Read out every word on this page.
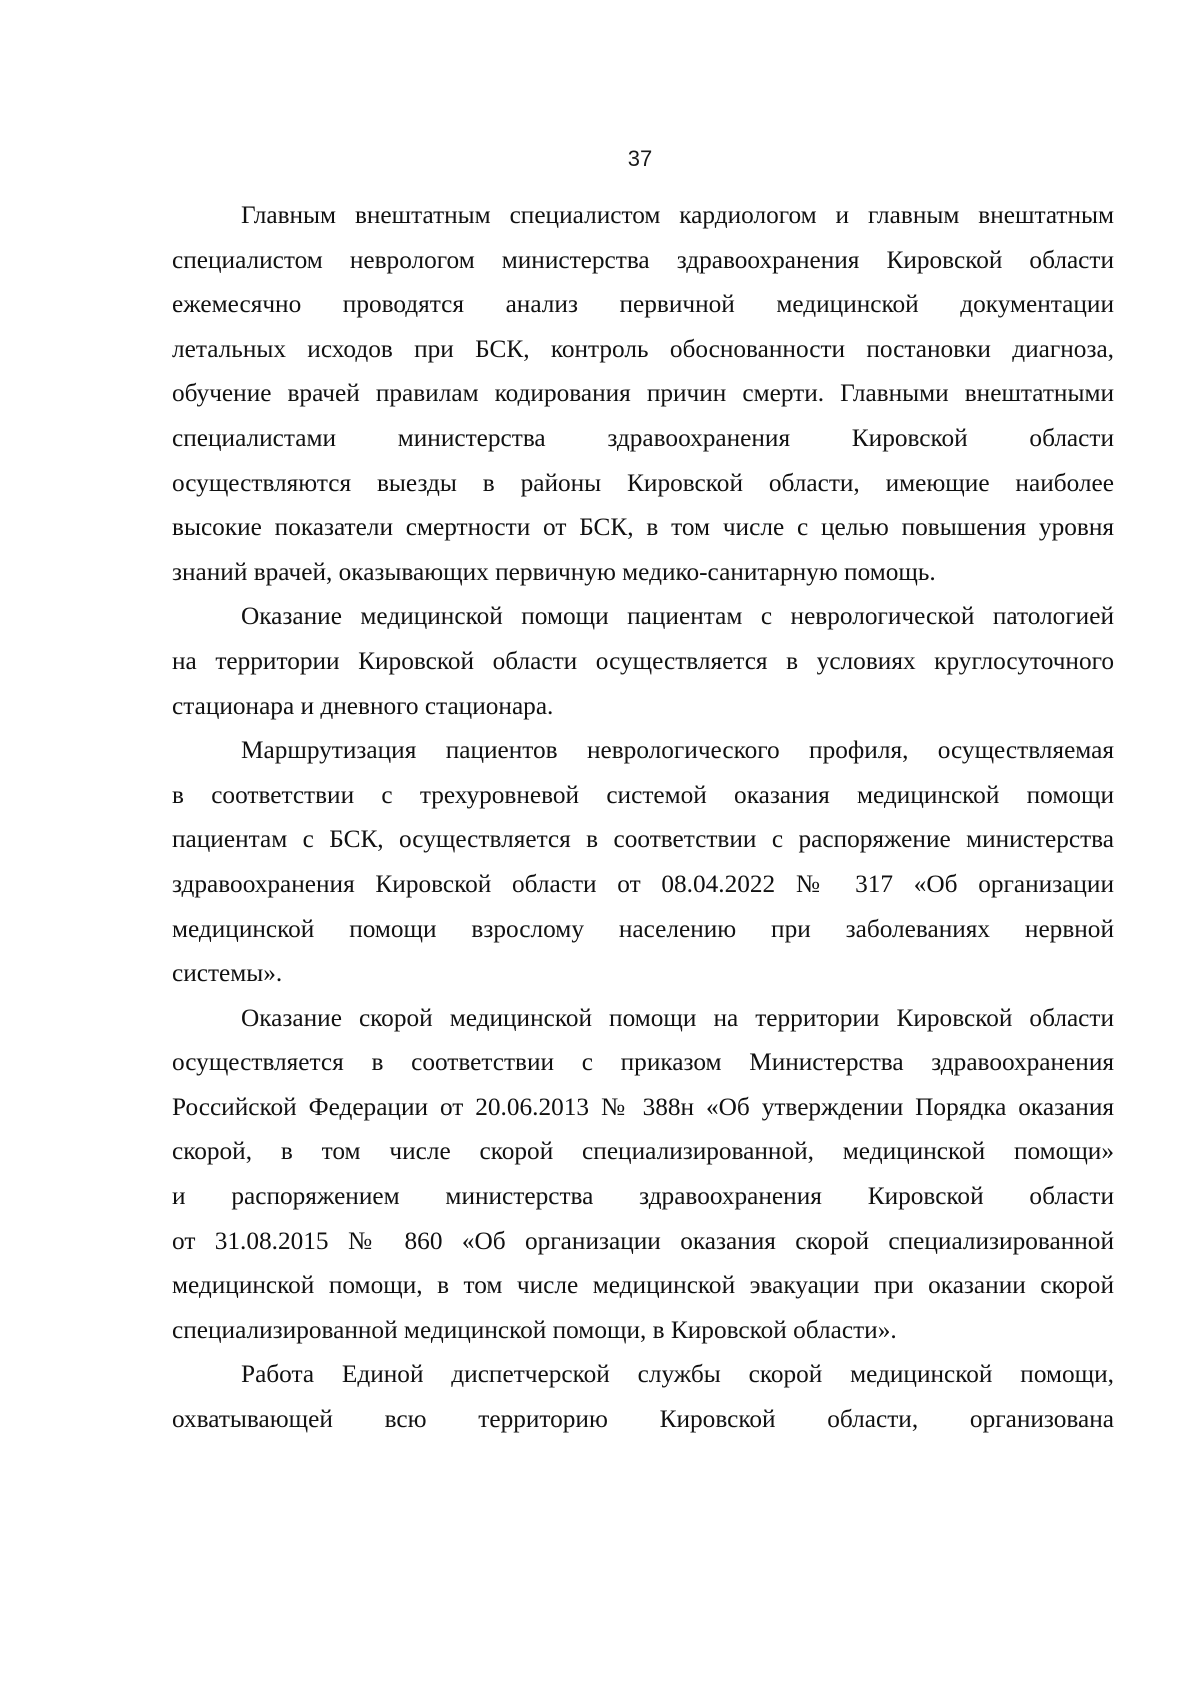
37

Главным внештатным специалистом кардиологом и главным внештатным
специалистом неврологом министерства здравоохранения Кировской области
ежемесячно проводятся анализ первичной медицинской документации
летальных исходов при БСК, контроль обоснованности постановки диагноза,
обучение врачей правилам кодирования причин смерти. Главными внештатными
специалистами министерства здравоохранения Кировской области
осуществляются выезды в районы Кировской области, имеющие наиболее
высокие показатели смертности от БСК, в том числе с целью повышения уровня
знаний врачей, оказывающих первичную медико-санитарную помощь.

Оказание медицинской помощи пациентам с неврологической патологией
на территории Кировской области осуществляется в условиях круглосуточного
стационара и дневного стационара.

Маршрутизация пациентов неврологического профиля, осуществляемая
в соответствии с трехуровневой системой оказания медицинской помощи
пациентам с БСК, осуществляется в соответствии с распоряжение министерства
здравоохранения Кировской области от 08.04.2022 № 317 «Об организации
медицинской помощи взрослому населению при заболеваниях нервной
системы».

Оказание скорой медицинской помощи на территории Кировской области
осуществляется в соответствии с приказом Министерства здравоохранения
Российской Федерации от 20.06.2013 № 388н «Об утверждении Порядка оказания
скорой, в том числе скорой специализированной, медицинской помощи»
и распоряжением министерства здравоохранения Кировской области
от 31.08.2015 № 860 «Об организации оказания скорой специализированной
медицинской помощи, в том числе медицинской эвакуации при оказании скорой
специализированной медицинской помощи, в Кировской области».

Работа Единой диспетчерской службы скорой медицинской помощи,
охватывающей всю территорию Кировской области, организована
